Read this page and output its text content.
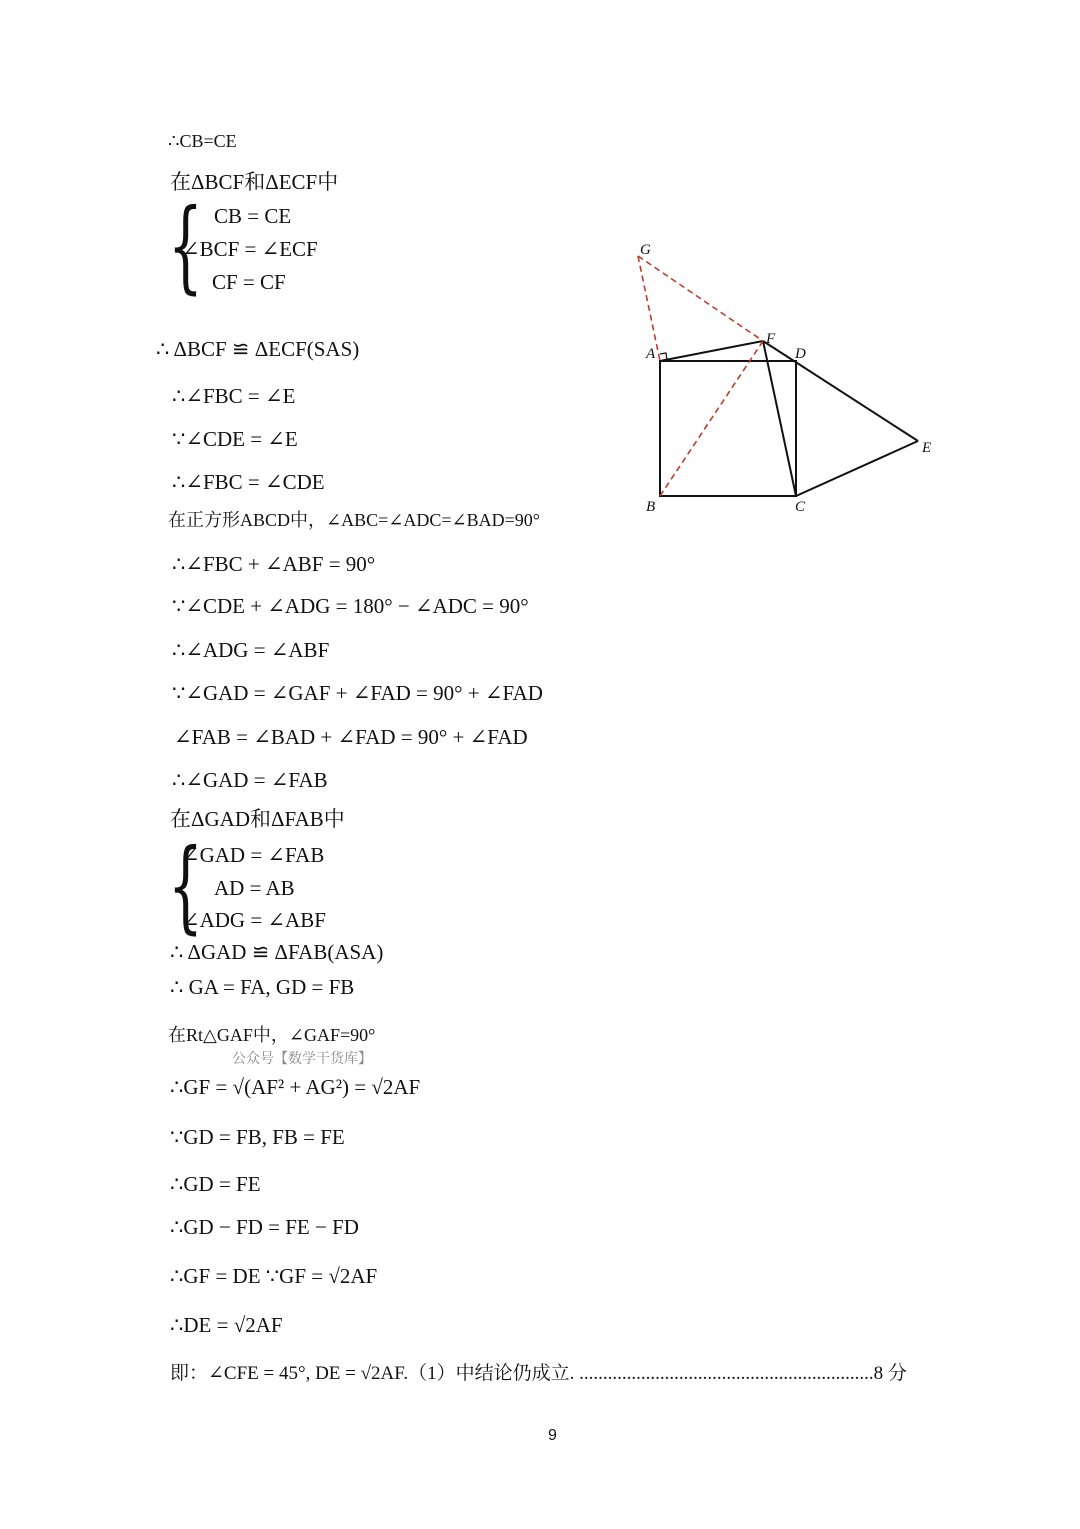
∴CB=CE
在ΔBCF和ΔECF中
{ CB = CE
∠BCF = ∠ECF
CF = CF
∴ ΔBCF ≌ ΔECF(SAS)
∴∠FBC = ∠E
∵∠CDE = ∠E
∴∠FBC = ∠CDE
在正方形ABCD中，∠ABC=∠ADC=∠BAD=90°
∴∠FBC + ∠ABF = 90°
∵∠CDE + ∠ADG = 180° − ∠ADC = 90°
∴∠ADG = ∠ABF
∵∠GAD = ∠GAF + ∠FAD = 90° + ∠FAD
∠FAB = ∠BAD + ∠FAD = 90° + ∠FAD
∴∠GAD = ∠FAB
在ΔGAD和ΔFAB中
{
∠GAD = ∠FAB
AD = AB
∠ADG = ∠ABF
∴ ΔGAD ≌ ΔFAB(ASA)
∴ GA = FA, GD = FB
在Rt△GAF中，∠GAF=90°
公众号【数学干货库】
∴GF = √(AF² + AG²) = √2AF
∵GD = FB, FB = FE
∴GD = FE
∴GD − FD = FE − FD
∴GF = DE ∵GF = √2AF
∴DE = √2AF
即：∠CFE = 45°, DE = √2AF.（1）中结论仍成立. ..............................................................8 分
9
G
F
A	D
E
B	C
